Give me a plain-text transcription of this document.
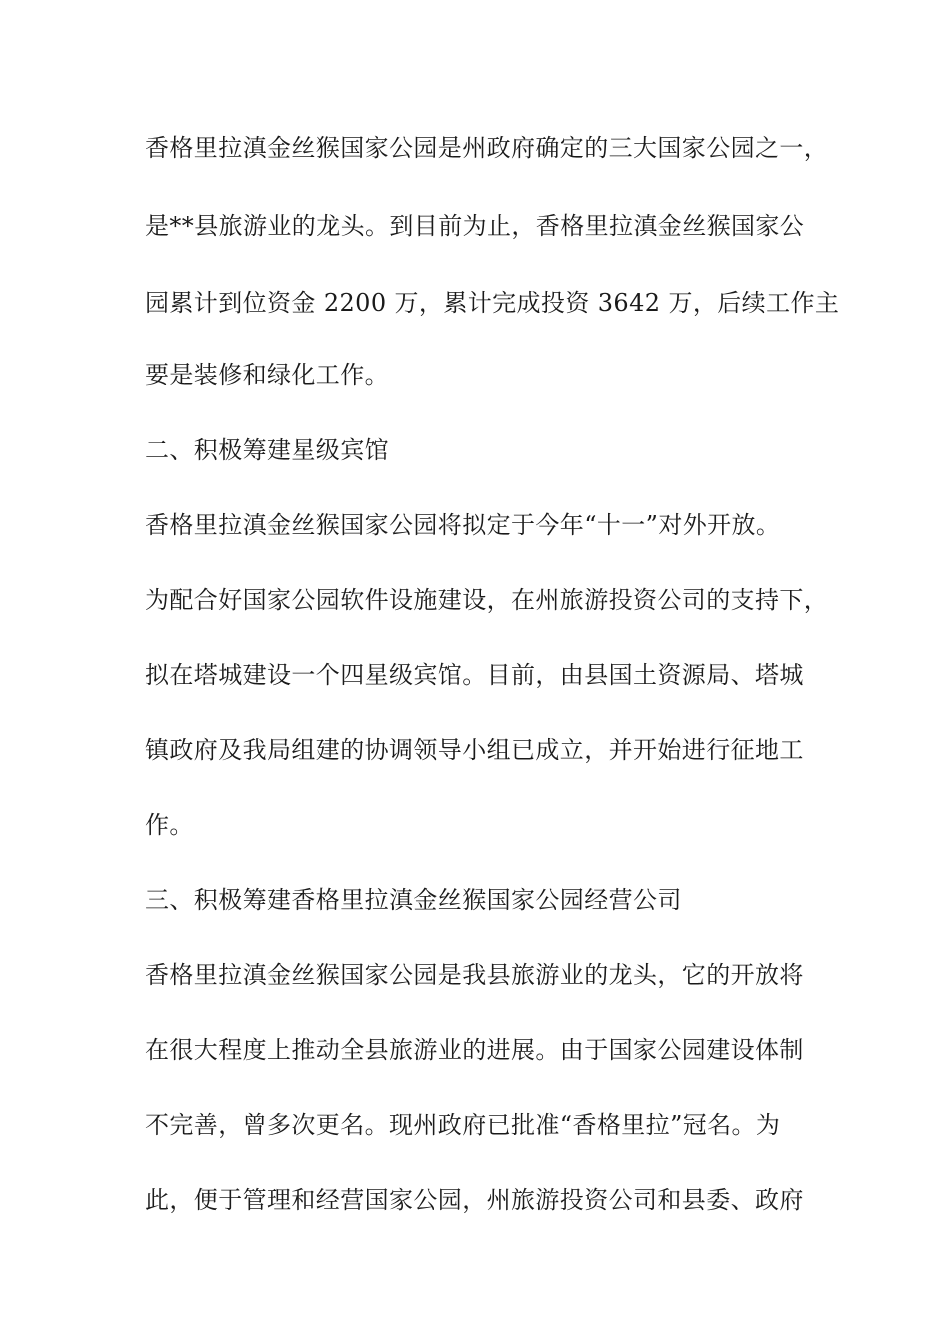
香格里拉滇金丝猴国家公园是州政府确定的三大国家公园之一，
是**县旅游业的龙头。到目前为止，香格里拉滇金丝猴国家公
园累计到位资金 2200 万，累计完成投资 3642 万，后续工作主
要是装修和绿化工作。
二、积极筹建星级宾馆
香格里拉滇金丝猴国家公园将拟定于今年“十一”对外开放。
为配合好国家公园软件设施建设，在州旅游投资公司的支持下，
拟在塔城建设一个四星级宾馆。目前，由县国土资源局、塔城
镇政府及我局组建的协调领导小组已成立，并开始进行征地工
作。
三、积极筹建香格里拉滇金丝猴国家公园经营公司
香格里拉滇金丝猴国家公园是我县旅游业的龙头，它的开放将
在很大程度上推动全县旅游业的进展。由于国家公园建设体制
不完善，曾多次更名。现州政府已批准“香格里拉”冠名。为
此，便于管理和经营国家公园，州旅游投资公司和县委、政府
